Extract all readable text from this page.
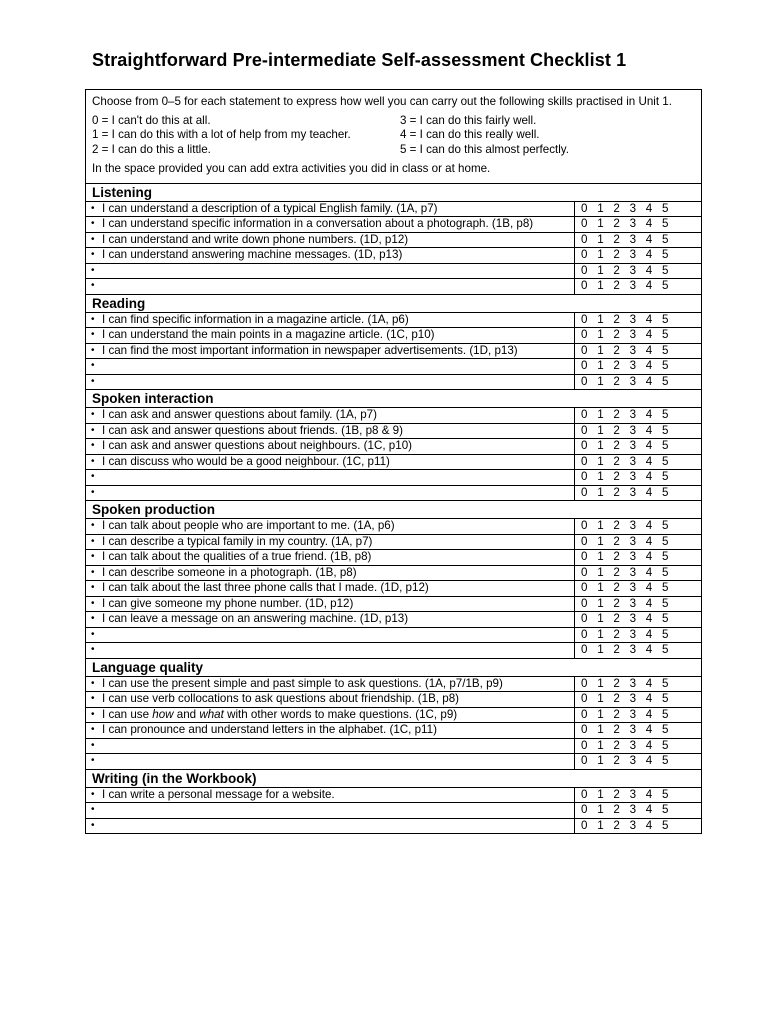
Straightforward Pre-intermediate Self-assessment Checklist 1

Choose from 0–5 for each statement to express how well you can carry out the following skills practised in Unit 1.

0 = I can't do this at all.	3 = I can do this fairly well.
1 = I can do this with a lot of help from my teacher.	4 = I can do this really well.
2 = I can do this a little.	5 = I can do this almost perfectly.

In the space provided you can add extra activities you did in class or at home.

Listening
• I can understand a description of a typical English family. (1A, p7)	0 1 2 3 4 5
• I can understand specific information in a conversation about a photograph. (1B, p8)	0 1 2 3 4 5
• I can understand and write down phone numbers. (1D, p12)	0 1 2 3 4 5
• I can understand answering machine messages. (1D, p13)	0 1 2 3 4 5
•	0 1 2 3 4 5
•	0 1 2 3 4 5
Reading
• I can find specific information in a magazine article. (1A, p6)	0 1 2 3 4 5
• I can understand the main points in a magazine article. (1C, p10)	0 1 2 3 4 5
• I can find the most important information in newspaper advertisements. (1D, p13)	0 1 2 3 4 5
•	0 1 2 3 4 5
•	0 1 2 3 4 5
Spoken interaction
• I can ask and answer questions about family. (1A, p7)	0 1 2 3 4 5
• I can ask and answer questions about friends. (1B, p8 & 9)	0 1 2 3 4 5
• I can ask and answer questions about neighbours. (1C, p10)	0 1 2 3 4 5
• I can discuss who would be a good neighbour. (1C, p11)	0 1 2 3 4 5
•	0 1 2 3 4 5
•	0 1 2 3 4 5
Spoken production
• I can talk about people who are important to me. (1A, p6)	0 1 2 3 4 5
• I can describe a typical family in my country. (1A, p7)	0 1 2 3 4 5
• I can talk about the qualities of a true friend. (1B, p8)	0 1 2 3 4 5
• I can describe someone in a photograph. (1B, p8)	0 1 2 3 4 5
• I can talk about the last three phone calls that I made. (1D, p12)	0 1 2 3 4 5
• I can give someone my phone number. (1D, p12)	0 1 2 3 4 5
• I can leave a message on an answering machine. (1D, p13)	0 1 2 3 4 5
•	0 1 2 3 4 5
•	0 1 2 3 4 5
Language quality
• I can use the present simple and past simple to ask questions. (1A, p7/1B, p9)	0 1 2 3 4 5
• I can use verb collocations to ask questions about friendship. (1B, p8)	0 1 2 3 4 5
• I can use how and what with other words to make questions. (1C, p9)	0 1 2 3 4 5
• I can pronounce and understand letters in the alphabet. (1C, p11)	0 1 2 3 4 5
•	0 1 2 3 4 5
•	0 1 2 3 4 5
Writing (in the Workbook)
• I can write a personal message for a website.	0 1 2 3 4 5
•	0 1 2 3 4 5
•	0 1 2 3 4 5
